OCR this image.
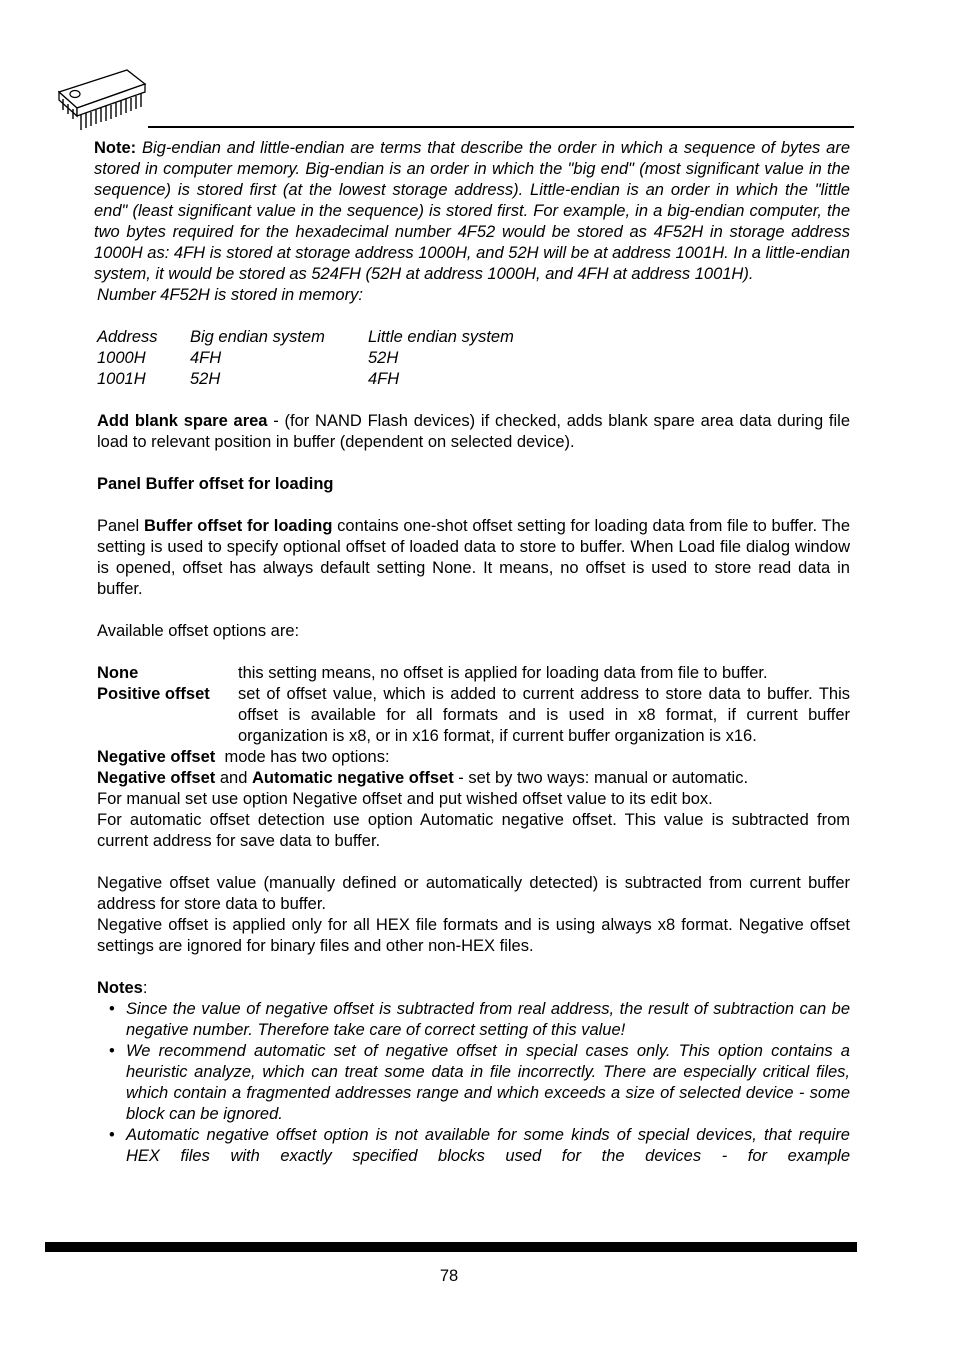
Note: Big-endian and little-endian are terms that describe the order in which a sequence of bytes are stored in computer memory. Big-endian is an order in which the "big end" (most significant value in the sequence) is stored first (at the lowest storage address). Little-endian is an order in which the "little end" (least significant value in the sequence) is stored first. For example, in a big-endian computer, the two bytes required for the hexadecimal number 4F52 would be stored as 4F52H in storage address 1000H as: 4FH is stored at storage address 1000H, and 52H will be at address 1001H. In a little-endian system, it would be stored as 524FH (52H at address 1000H, and 4FH at address 1001H).

Number 4F52H is stored in memory:

Address	Big endian system	Little endian system
1000H	4FH	52H
1001H	52H	4FH

Add blank spare area - (for NAND Flash devices) if checked, adds blank spare area data during file load to relevant position in buffer (dependent on selected device).

Panel Buffer offset for loading

Panel Buffer offset for loading contains one-shot offset setting for loading data from file to buffer. The setting is used to specify optional offset of loaded data to store to buffer. When Load file dialog window is opened, offset has always default setting None. It means, no offset is used to store read data in buffer.

Available offset options are:

None	this setting means, no offset is applied for loading data from file to buffer.
Positive offset	set of offset value, which is added to current address to store data to buffer. This offset is available for all formats and is used in x8 format, if current buffer organization is x8, or in x16 format, if current buffer organization is x16.

Negative offset  mode has two options:

Negative offset and Automatic negative offset - set by two ways: manual or automatic.

For manual set use option Negative offset and put wished offset value to its edit box.

For automatic offset detection use option Automatic negative offset. This value is subtracted from current address for save data to buffer.

Negative offset value (manually defined or automatically detected) is subtracted from current buffer address for store data to buffer.

Negative offset is applied only for all HEX file formats and is using always x8 format. Negative offset settings are ignored for binary files and other non-HEX files.

Notes:

• Since the value of negative offset is subtracted from real address, the result of subtraction can be negative number. Therefore take care of correct setting of this value!
• We recommend automatic set of negative offset in special cases only. This option contains a heuristic analyze, which can treat some data in file incorrectly. There are especially critical files, which contain a fragmented addresses range and which exceeds a size of selected device - some block can be ignored.
• Automatic negative offset option is not available for some kinds of special devices, that require HEX files with exactly specified blocks used for the devices - for example
78
